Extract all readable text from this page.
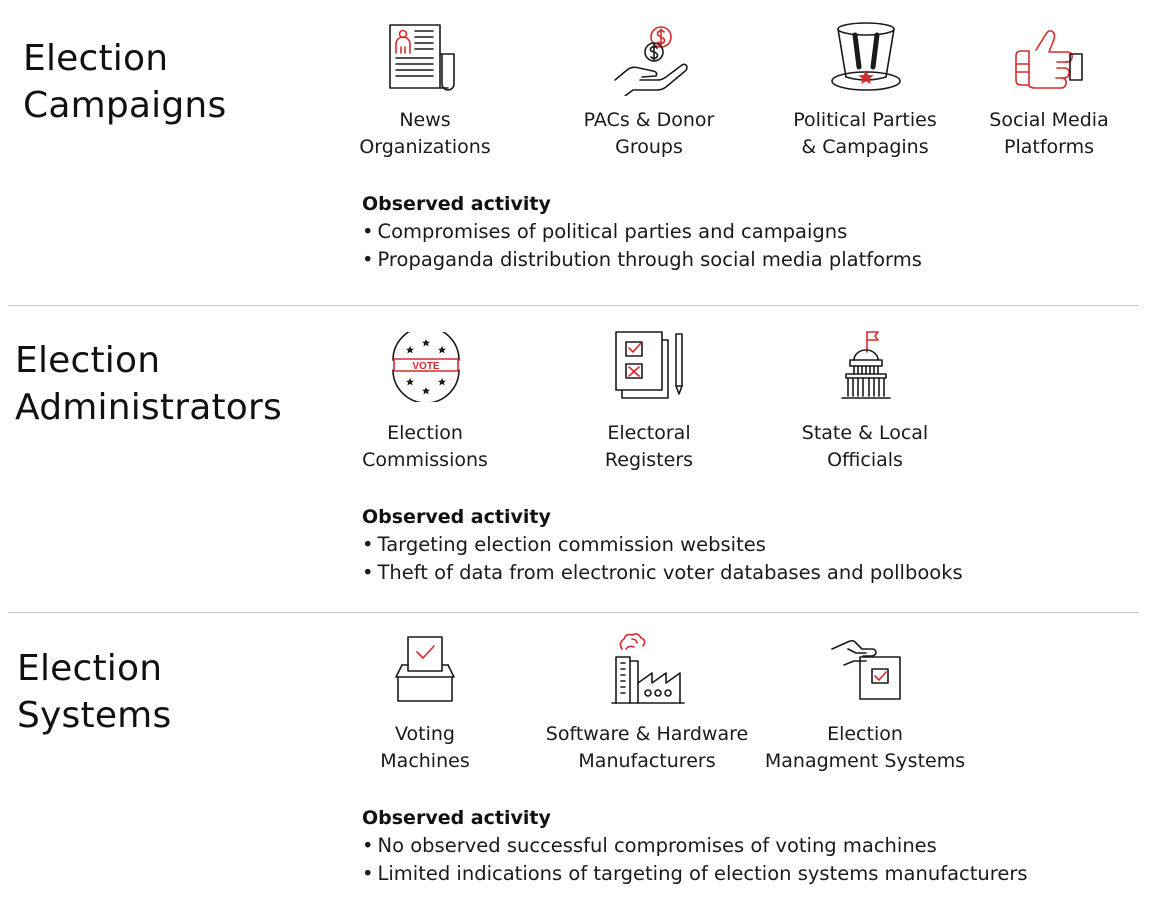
Election
Campaigns	News
Organizations
PACs & Donor
Groups
Political Parties
& Campagins
Social Media
Platforms
Observed activity
• Compromises of political parties and campaigns
• Propaganda distribution through social media platforms
Election
Administrators
VOTE
Election
Commissions
Electoral
Registers
State & Local
Officials
Observed activity
• Targeting election commission websites
• Theft of data from electronic voter databases and pollbooks
Election
Systems	Voting
Machines
Software & Hardware
Manufacturers
Election
Managment Systems
Observed activity
• No observed successful compromises of voting machines
• Limited indications of targeting of election systems manufacturers
